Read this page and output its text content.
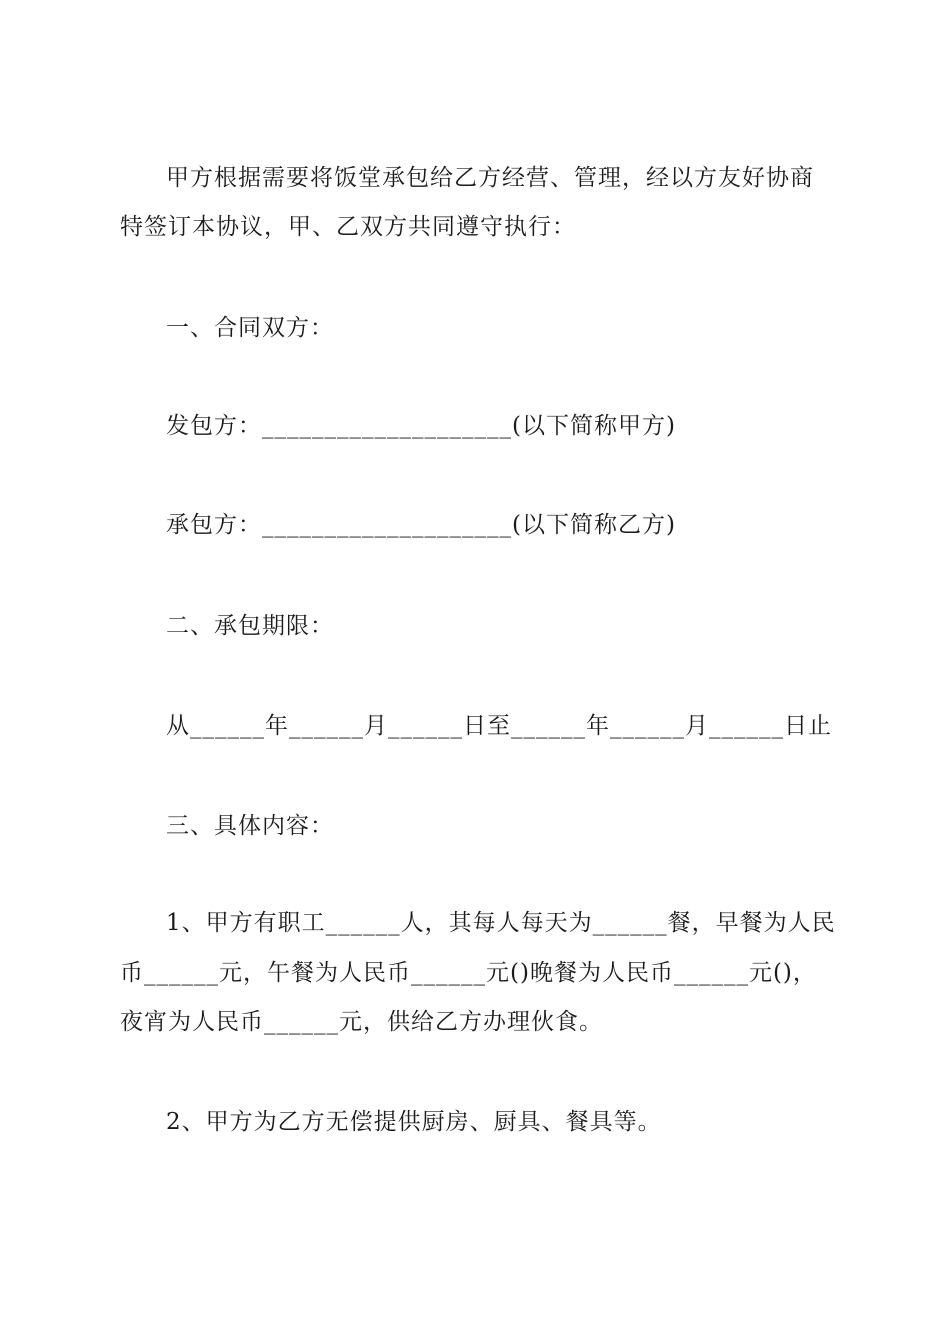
甲方根据需要将饭堂承包给乙方经营、管理，经以方友好协商
特签订本协议，甲、乙双方共同遵守执行：
一、合同双方：
发包方：____________________(以下简称甲方)
承包方：____________________(以下简称乙方)
二、承包期限：
从______年______月______日至______年______月______日止
三、具体内容：
1、甲方有职工______人，其每人每天为______餐，早餐为人民
币______元，午餐为人民币______元()晚餐为人民币______元()，
夜宵为人民币______元，供给乙方办理伙食。
2、甲方为乙方无偿提供厨房、厨具、餐具等。
